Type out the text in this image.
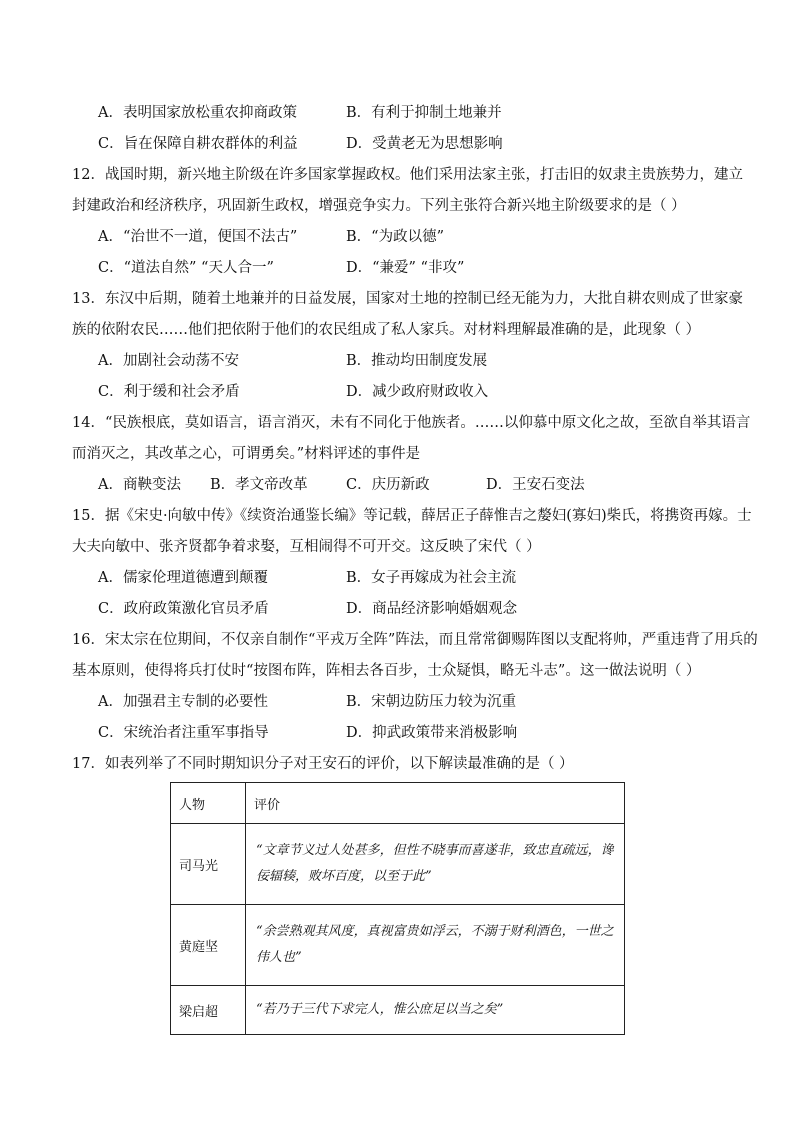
A．表明国家放松重农抑商政策	B．有利于抑制土地兼并
C．旨在保障自耕农群体的利益	D．受黄老无为思想影响
12．战国时期，新兴地主阶级在许多国家掌握政权。他们采用法家主张，打击旧的奴隶主贵族势力，建立
封建政治和经济秩序，巩固新生政权，增强竞争实力。下列主张符合新兴地主阶级要求的是（ ）
A．“治世不一道，便国不法古”	B．“为政以德”
C．“道法自然” “天人合一”	D．“兼爱” “非攻”
13．东汉中后期，随着土地兼并的日益发展，国家对土地的控制已经无能为力，大批自耕农则成了世家豪
族的依附农民……他们把依附于他们的农民组成了私人家兵。对材料理解最准确的是，此现象（ ）
A．加剧社会动荡不安	B．推动均田制度发展
C．利于缓和社会矛盾	D．减少政府财政收入
14．“民族根底，莫如语言，语言消灭，未有不同化于他族者。……以仰慕中原文化之故，至欲自举其语言
而消灭之，其改革之心，可谓勇矣。”材料评述的事件是
A．商鞅变法 B．孝文帝改革	C．庆历新政	D．王安石变法
15．据《宋史·向敏中传》《续资治通鉴长编》等记载，薛居正子薛惟吉之嫠妇(寡妇)柴氏，将携资再嫁。士
大夫向敏中、张齐贤都争着求娶，互相闹得不可开交。这反映了宋代（ ）
A．儒家伦理道德遭到颠覆	B．女子再嫁成为社会主流
C．政府政策激化官员矛盾	D．商品经济影响婚姻观念
16．宋太宗在位期间，不仅亲自制作“平戎万全阵”阵法，而且常常御赐阵图以支配将帅，严重违背了用兵的
基本原则，使得将兵打仗时“按图布阵，阵相去各百步，士众疑惧，略无斗志”。这一做法说明（ ）
A．加强君主专制的必要性	B．宋朝边防压力较为沉重
C．宋统治者注重军事指导	D．抑武政策带来消极影响
17．如表列举了不同时期知识分子对王安石的评价，以下解读最准确的是（ ）
人物	评价
司马光	“文章节义过人处甚多，但性不晓事而喜遂非，致忠直疏远，谗佞辐辏，败坏百度，以至于此”
黄庭坚	“余尝熟观其风度，真视富贵如浮云，不溺于财利酒色，一世之伟人也”
梁启超	“若乃于三代下求完人，惟公庶足以当之矣”
